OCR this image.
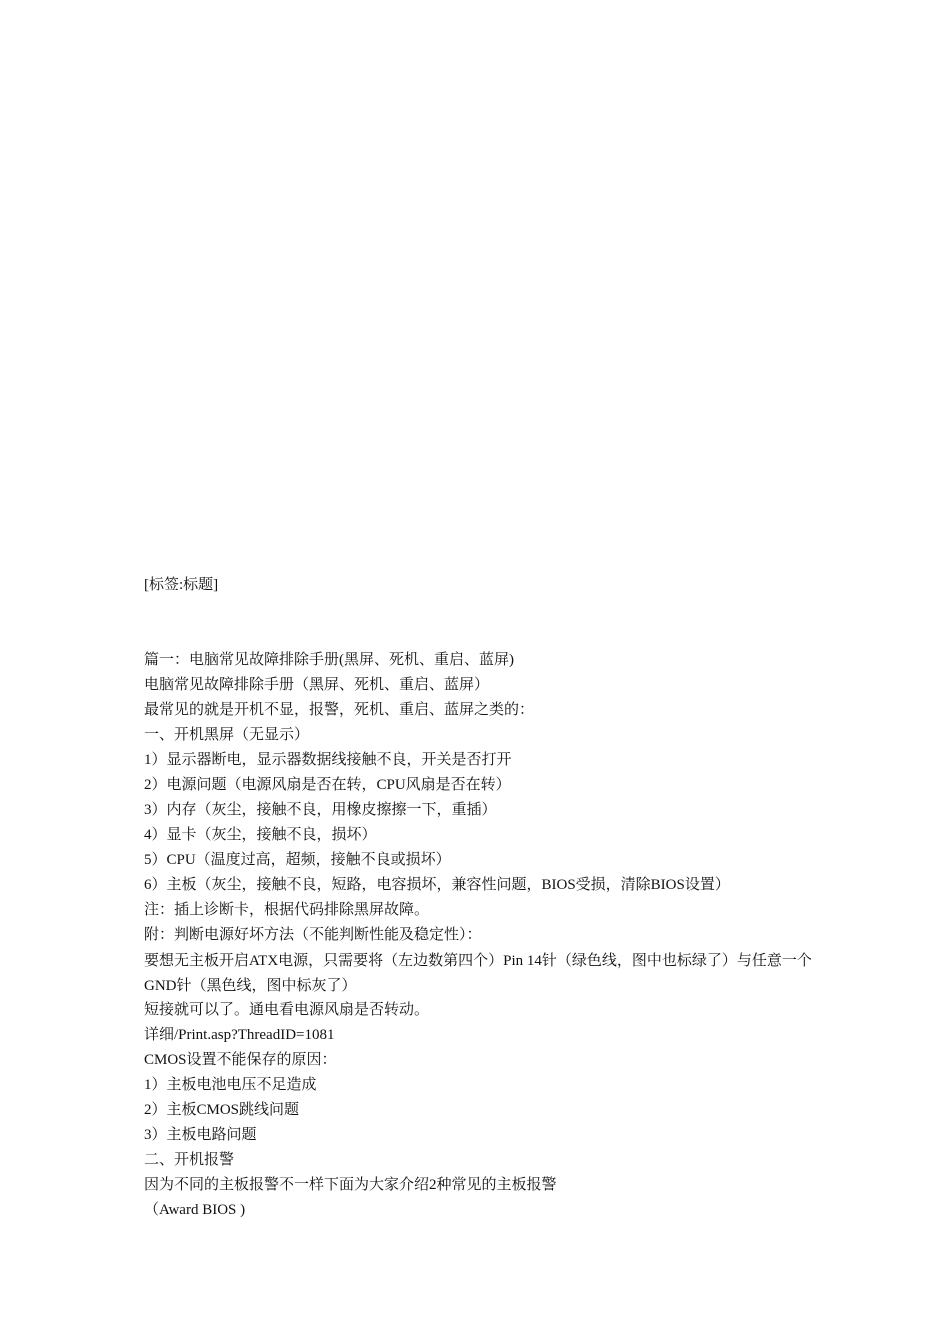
[标签:标题]
篇一：电脑常见故障排除手册(黑屏、死机、重启、蓝屏)
电脑常见故障排除手册（黑屏、死机、重启、蓝屏）
最常见的就是开机不显，报警，死机、重启、蓝屏之类的：
一、开机黑屏（无显示）
1）显示器断电，显示器数据线接触不良，开关是否打开
2）电源问题（电源风扇是否在转，CPU风扇是否在转）
3）内存（灰尘，接触不良，用橡皮擦擦一下，重插）
4）显卡（灰尘，接触不良，损坏）
5）CPU（温度过高，超频，接触不良或损坏）
6）主板（灰尘，接触不良，短路，电容损坏，兼容性问题，BIOS受损，清除BIOS设置）
注：插上诊断卡，根据代码排除黑屏故障。
附：判断电源好坏方法（不能判断性能及稳定性）：
要想无主板开启ATX电源，只需要将（左边数第四个）Pin 14针（绿色线，图中也标绿了）与任意一个GND针（黑色线，图中标灰了）
短接就可以了。通电看电源风扇是否转动。
详细/Print.asp?ThreadID=1081
CMOS设置不能保存的原因：
1）主板电池电压不足造成
2）主板CMOS跳线问题
3）主板电路问题
二、开机报警
因为不同的主板报警不一样下面为大家介绍2种常见的主板报警
（Award BIOS )
